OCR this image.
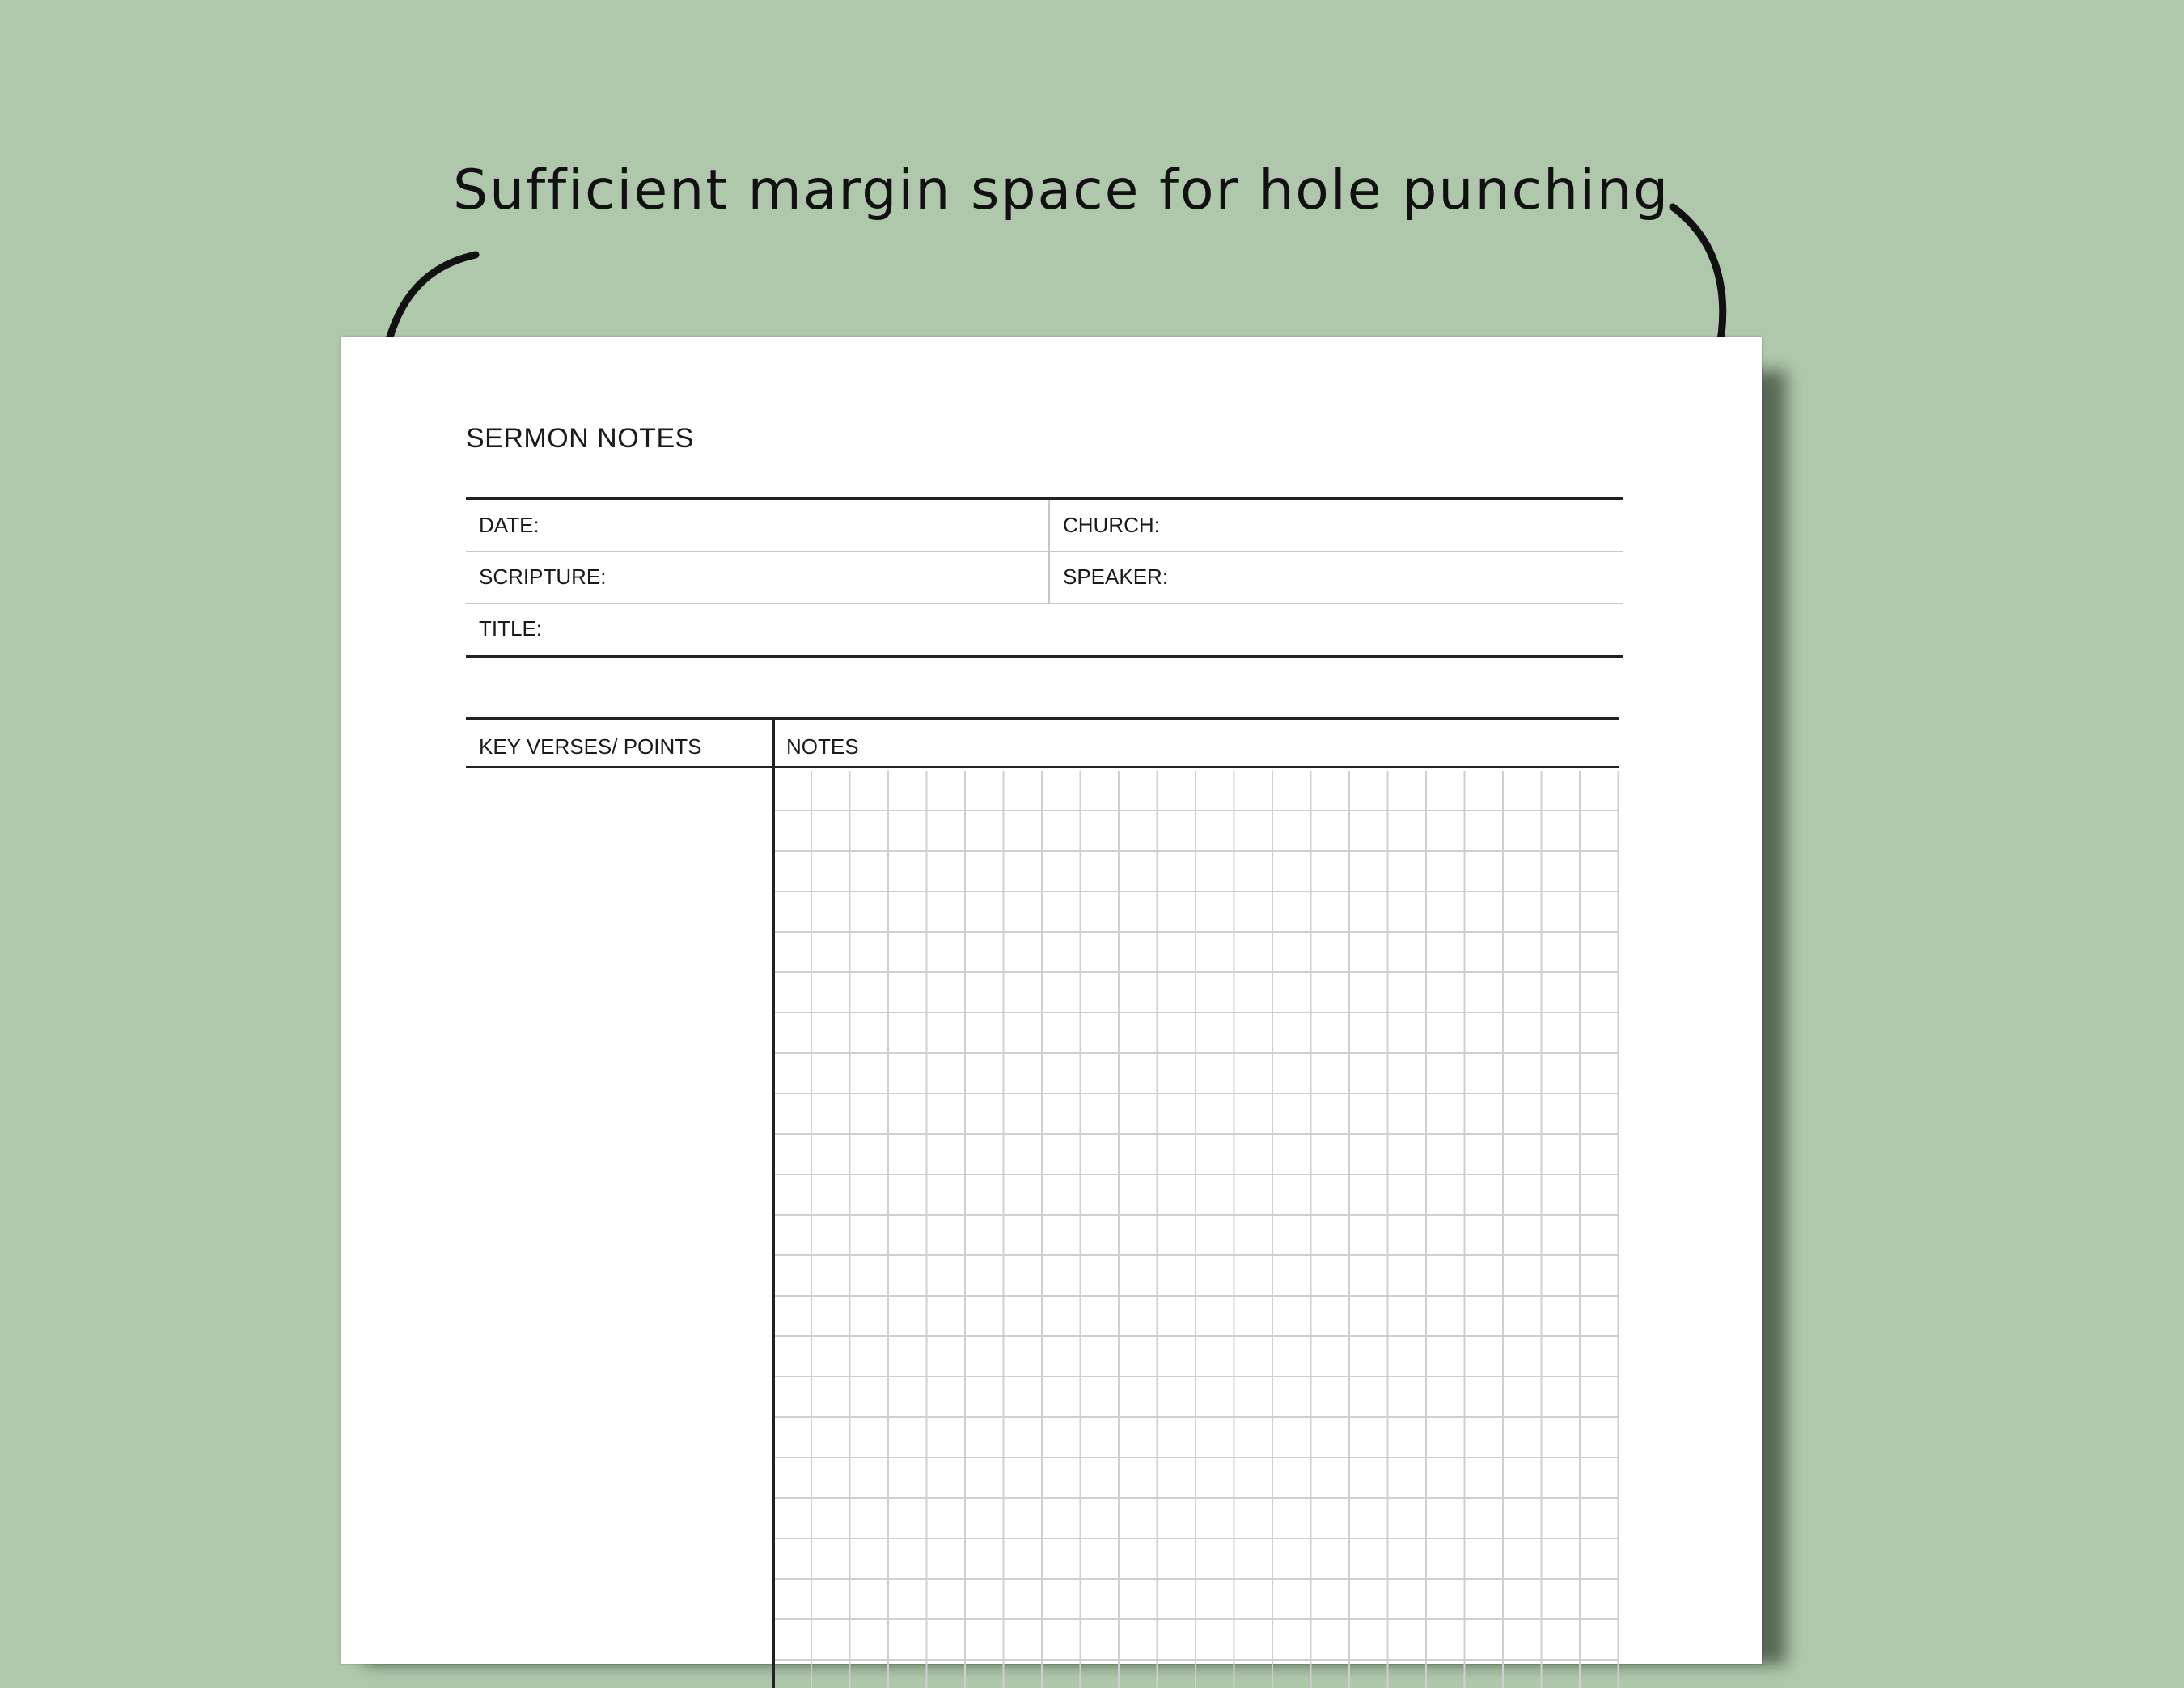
Sufficient margin space for hole punching
SERMON NOTES
DATE:	CHURCH:
SCRIPTURE:	SPEAKER:
TITLE:
KEY VERSES/ POINTS	NOTES
